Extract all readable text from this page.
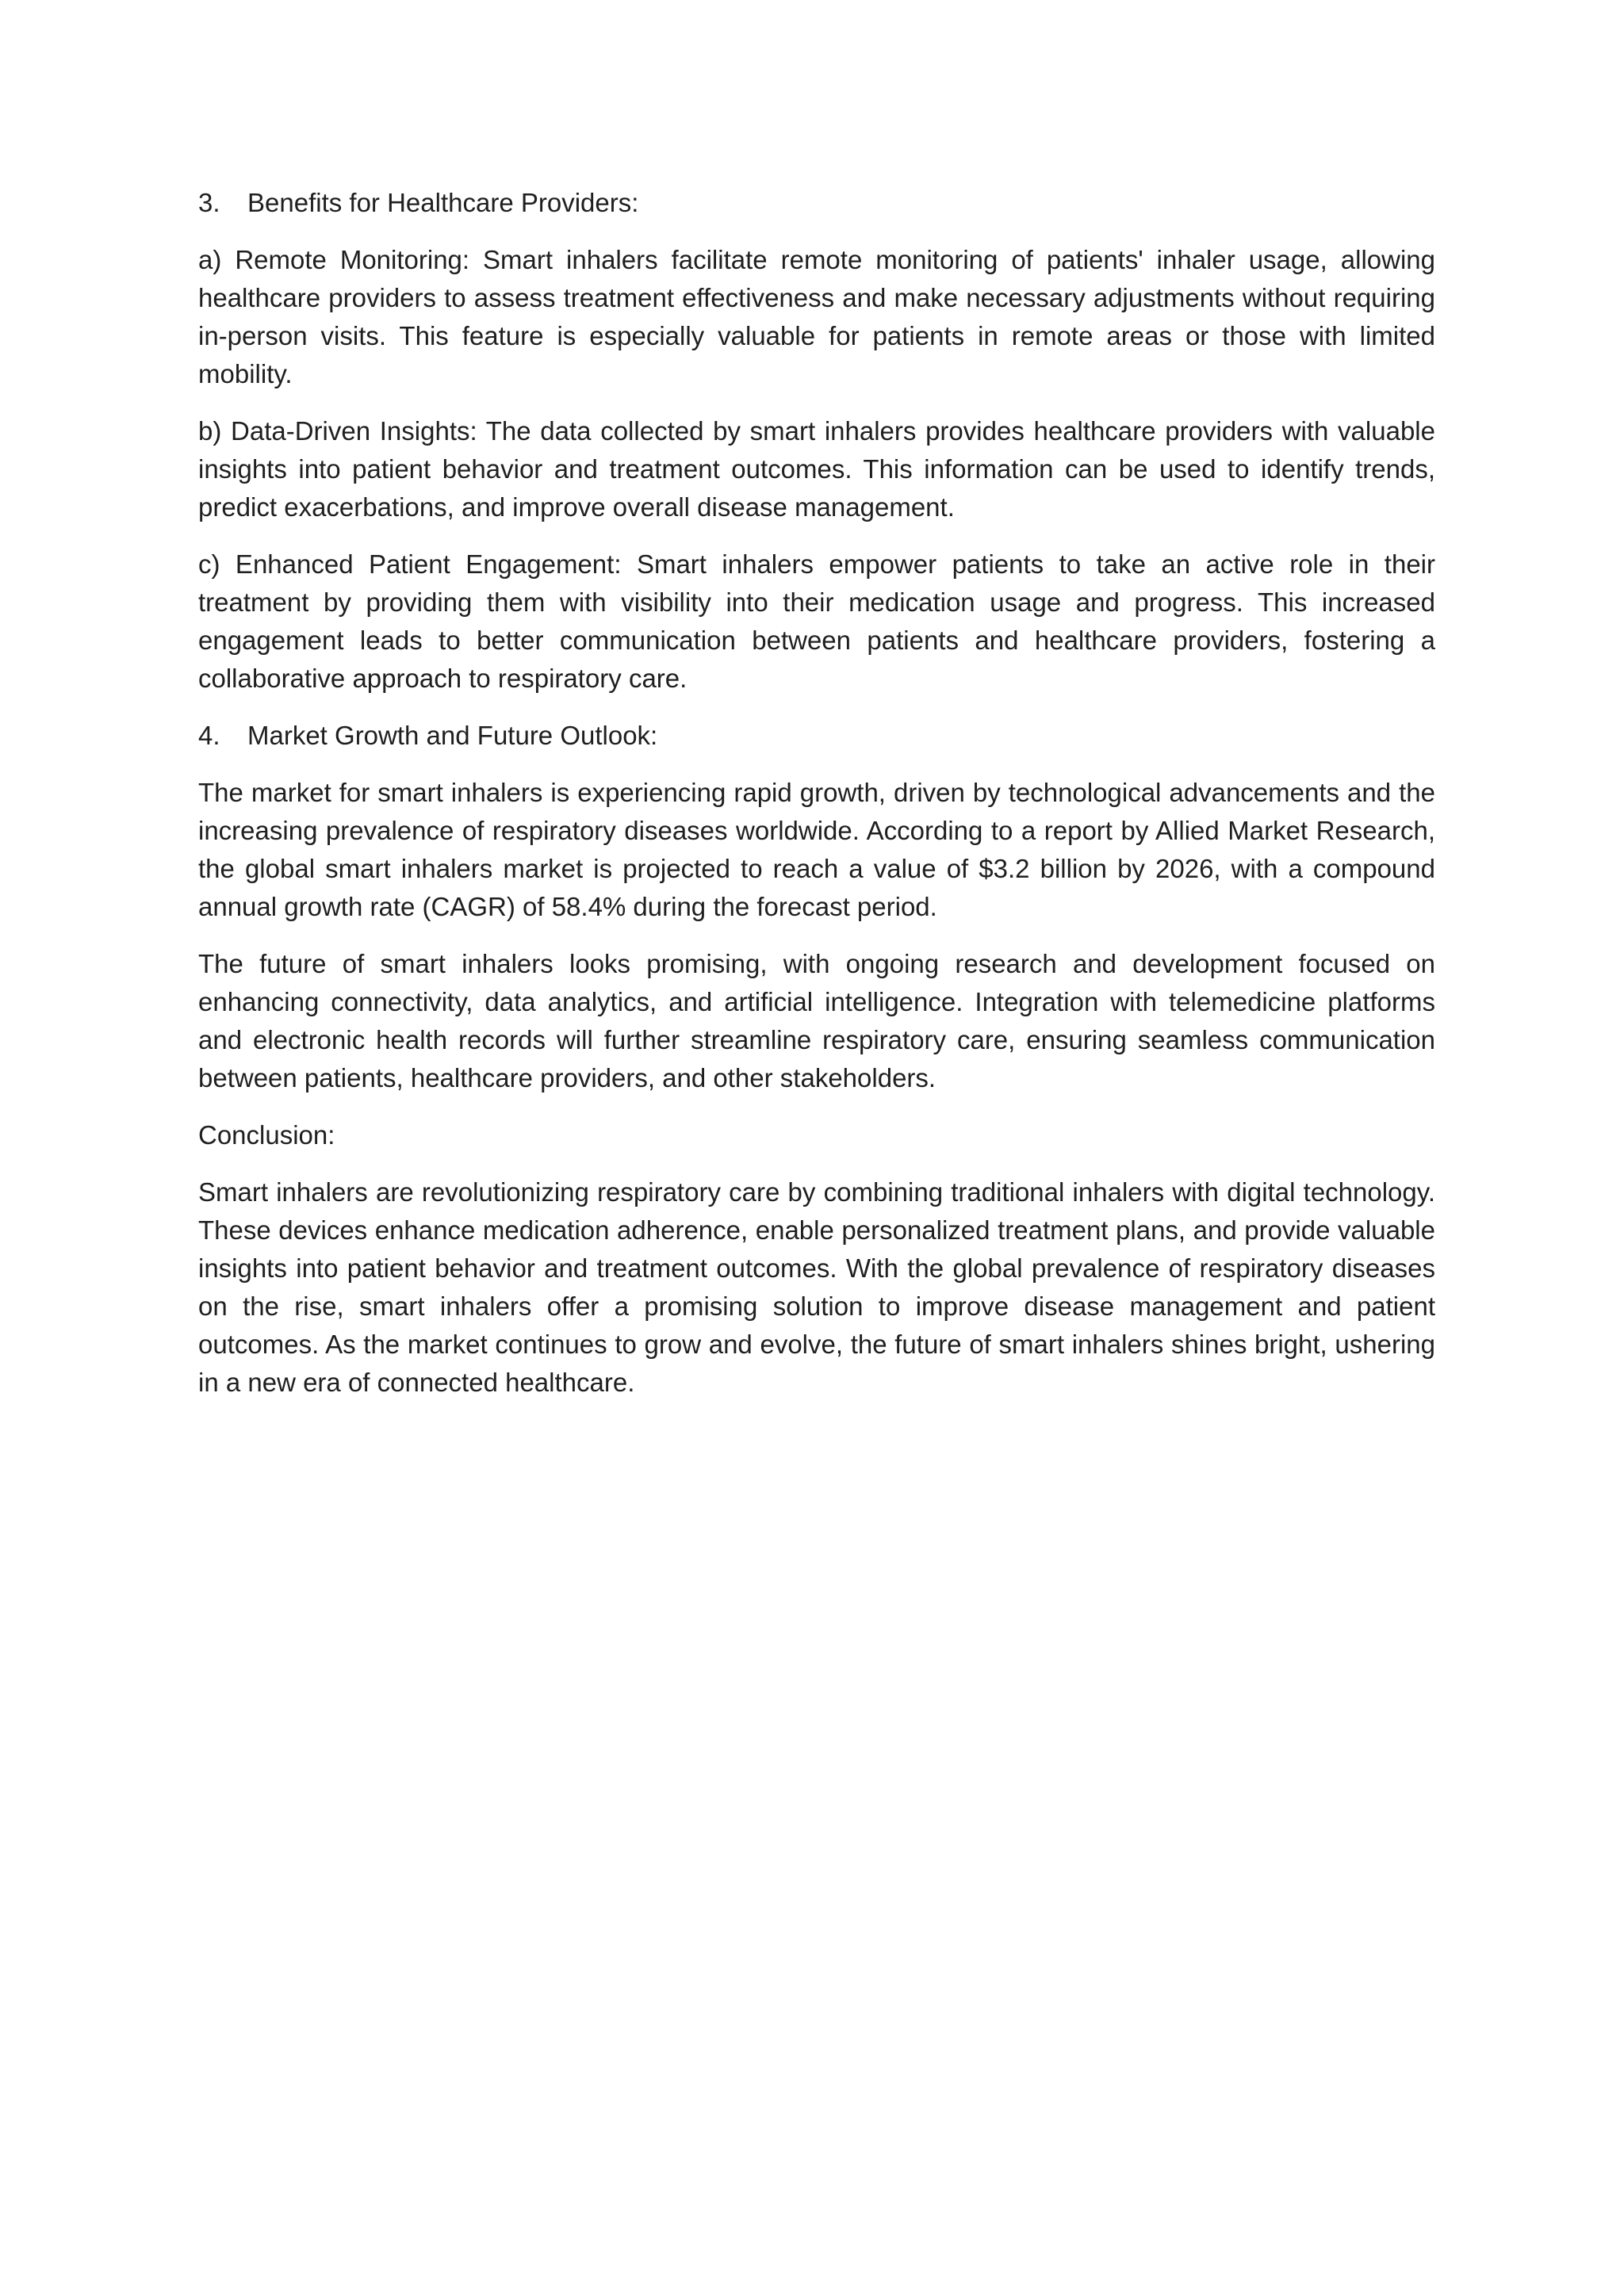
3. Benefits for Healthcare Providers:

a) Remote Monitoring: Smart inhalers facilitate remote monitoring of patients' inhaler usage, allowing healthcare providers to assess treatment effectiveness and make necessary adjustments without requiring in-person visits. This feature is especially valuable for patients in remote areas or those with limited mobility.

b) Data-Driven Insights: The data collected by smart inhalers provides healthcare providers with valuable insights into patient behavior and treatment outcomes. This information can be used to identify trends, predict exacerbations, and improve overall disease management.

c) Enhanced Patient Engagement: Smart inhalers empower patients to take an active role in their treatment by providing them with visibility into their medication usage and progress. This increased engagement leads to better communication between patients and healthcare providers, fostering a collaborative approach to respiratory care.

4. Market Growth and Future Outlook:

The market for smart inhalers is experiencing rapid growth, driven by technological advancements and the increasing prevalence of respiratory diseases worldwide. According to a report by Allied Market Research, the global smart inhalers market is projected to reach a value of $3.2 billion by 2026, with a compound annual growth rate (CAGR) of 58.4% during the forecast period.

The future of smart inhalers looks promising, with ongoing research and development focused on enhancing connectivity, data analytics, and artificial intelligence. Integration with telemedicine platforms and electronic health records will further streamline respiratory care, ensuring seamless communication between patients, healthcare providers, and other stakeholders.

Conclusion:

Smart inhalers are revolutionizing respiratory care by combining traditional inhalers with digital technology. These devices enhance medication adherence, enable personalized treatment plans, and provide valuable insights into patient behavior and treatment outcomes. With the global prevalence of respiratory diseases on the rise, smart inhalers offer a promising solution to improve disease management and patient outcomes. As the market continues to grow and evolve, the future of smart inhalers shines bright, ushering in a new era of connected healthcare.
